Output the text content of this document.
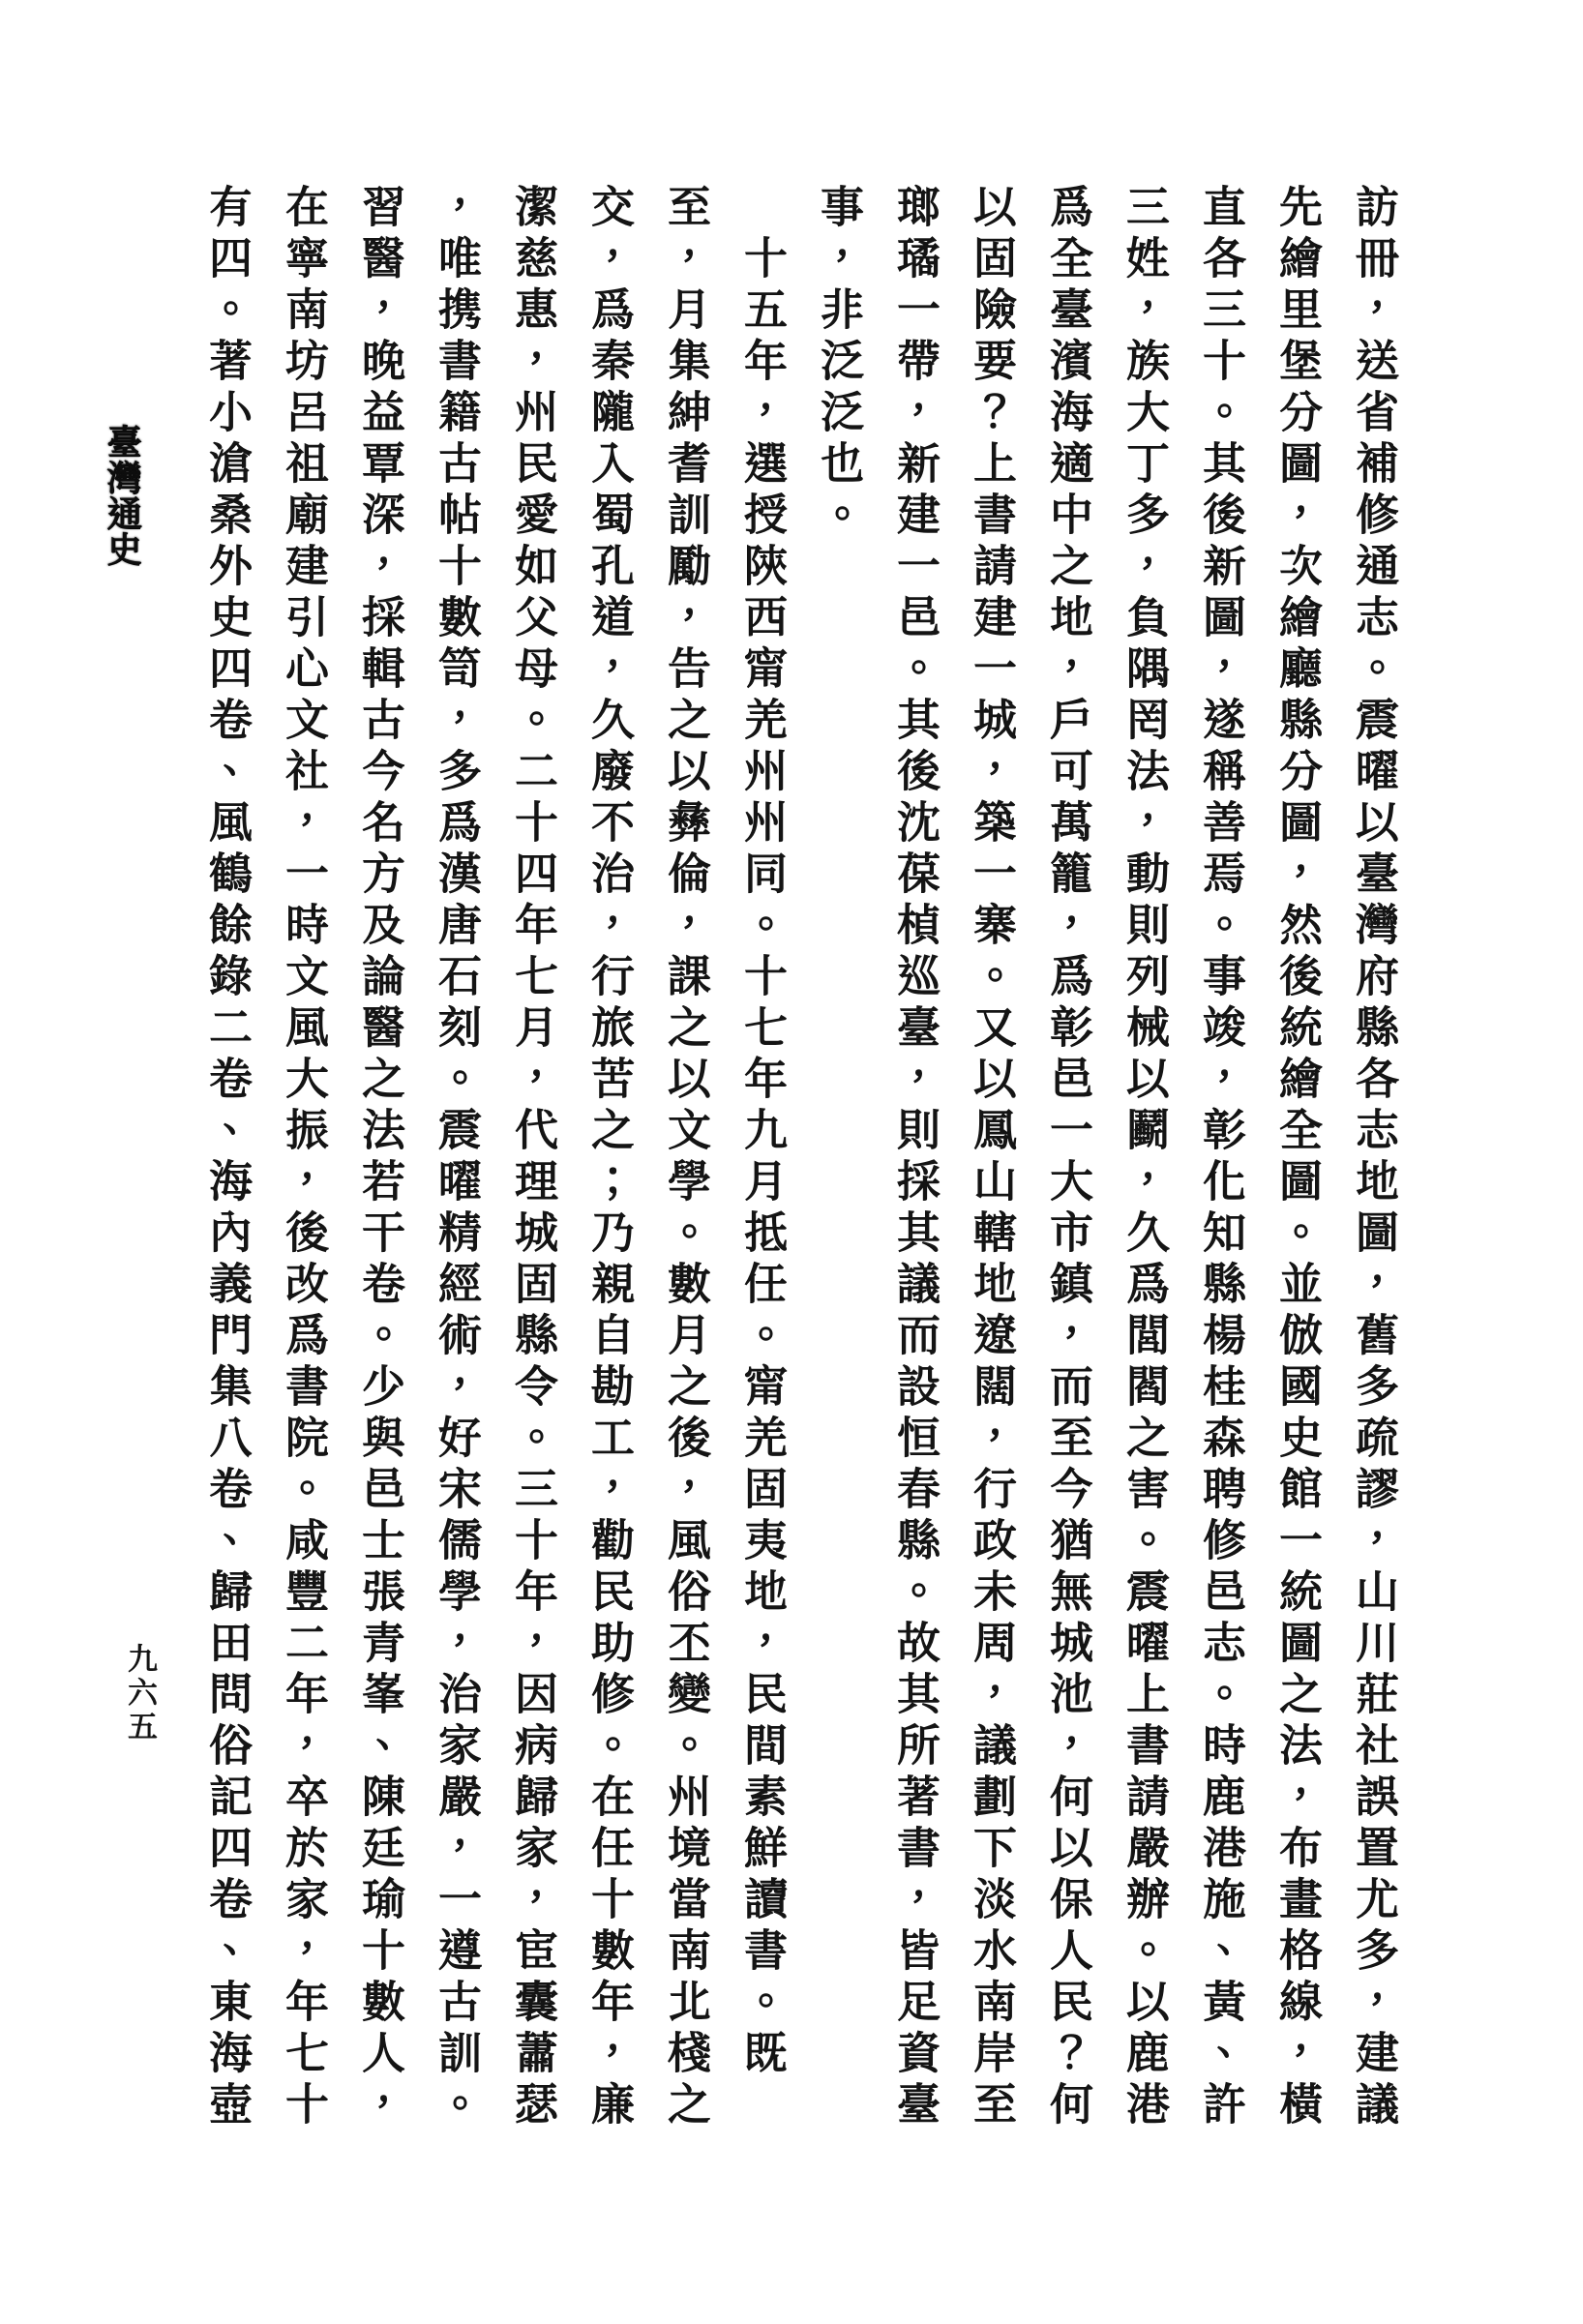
臺灣通史
九六五	訪冊，送省補修通志。震曜以臺灣府縣各志地圖，舊多疏謬，山川莊社誤置尤多，建議
先繪里堡分圖，次繪廳縣分圖，然後統繪全圖。並倣國史館一統圖之法，布畫格線，橫
直各三十。其後新圖，遂稱善焉。事竣，彰化知縣楊桂森聘修邑志。時鹿港施、黃、許
三姓，族大丁多，負隅罔法，動則列械以鬬，久爲閭閻之害。震曜上書請嚴辦。以鹿港
爲全臺濱海適中之地，戶可萬籠，爲彰邑一大市鎮，而至今猶無城池，何以保人民？何
以固險要？上書請建一城，築一寨。又以鳳山轄地遼闊，行政未周，議劃下淡水南岸至
瑯璚一帶，新建一邑。其後沈葆楨巡臺，則採其議而設恒春縣。故其所著書，皆足資臺
事，非泛泛也。
　十五年，選授陝西甯羌州州同。十七年九月抵任。甯羌固夷地，民間素鮮讀書。既
至，月集紳耆訓勵，告之以彝倫，課之以文學。數月之後，風俗丕變。州境當南北棧之
交，爲秦隴入蜀孔道，久廢不治，行旅苦之；乃親自勘工，勸民助修。在任十數年，廉
潔慈惠，州民愛如父母。二十四年七月，代理城固縣令。三十年，因病歸家，宦囊蕭瑟
，唯携書籍古帖十數笥，多爲漢唐石刻。震曜精經術，好宋儒學，治家嚴，一遵古訓。
習醫，晚益覃深，採輯古今名方及論醫之法若干卷。少與邑士張青峯、陳廷瑜十數人，
在寧南坊呂祖廟建引心文社，一時文風大振，後改爲書院。咸豐二年，卒於家，年七十
有四。著小滄桑外史四卷、風鶴餘錄二卷、海內義門集八卷、歸田問俗記四卷、東海壺
